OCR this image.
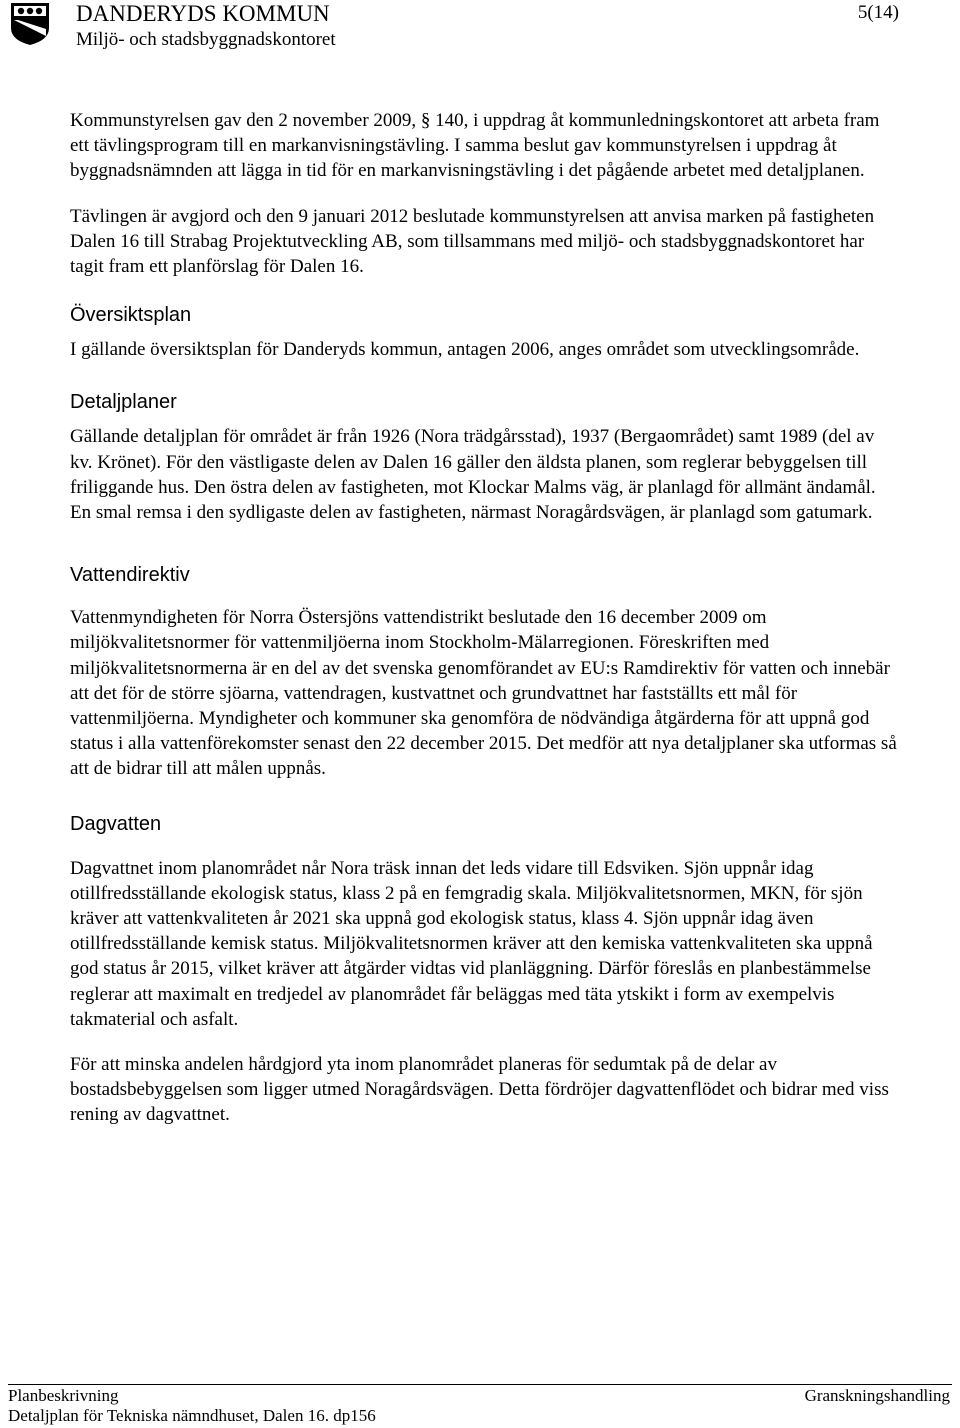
DANDERYDS KOMMUN
Miljö- och stadsbyggnadskontoret
5(14)

Kommunstyrelsen gav den 2 november 2009, § 140, i uppdrag åt kommunledningskontoret att arbeta fram ett tävlingsprogram till en markanvisningstävling. I samma beslut gav kommunstyrelsen i uppdrag åt byggnadsnämnden att lägga in tid för en markanvisningstävling i det pågående arbetet med detaljplanen.

Tävlingen är avgjord och den 9 januari 2012 beslutade kommunstyrelsen att anvisa marken på fastigheten Dalen 16 till Strabag Projektutveckling AB, som tillsammans med miljö- och stadsbyggnadskontoret har tagit fram ett planförslag för Dalen 16.

Översiktsplan

I gällande översiktsplan för Danderyds kommun, antagen 2006, anges området som utvecklingsområde.

Detaljplaner

Gällande detaljplan för området är från 1926 (Nora trädgårsstad), 1937 (Bergaområdet) samt 1989 (del av kv. Krönet). För den västligaste delen av Dalen 16 gäller den äldsta planen, som reglerar bebyggelsen till friliggande hus. Den östra delen av fastigheten, mot Klockar Malms väg, är planlagd för allmänt ändamål. En smal remsa i den sydligaste delen av fastigheten, närmast Noragårdsvägen, är planlagd som gatumark.

Vattendirektiv

Vattenmyndigheten för Norra Östersjöns vattendistrikt beslutade den 16 december 2009 om miljökvalitetsnormer för vattenmiljöerna inom Stockholm-Mälarregionen. Föreskriften med miljökvalitetsnormerna är en del av det svenska genomförandet av EU:s Ramdirektiv för vatten och innebär att det för de större sjöarna, vattendragen, kustvattnet och grundvattnet har fastställts ett mål för vattenmiljöerna. Myndigheter och kommuner ska genomföra de nödvändiga åtgärderna för att uppnå god status i alla vattenförekomster senast den 22 december 2015. Det medför att nya detaljplaner ska utformas så att de bidrar till att målen uppnås.

Dagvatten

Dagvattnet inom planområdet når Nora träsk innan det leds vidare till Edsviken. Sjön uppnår idag otillfredsställande ekologisk status, klass 2 på en femgradig skala. Miljökvalitetsnormen, MKN, för sjön kräver att vattenkvaliteten år 2021 ska uppnå god ekologisk status, klass 4. Sjön uppnår idag även otillfredsställande kemisk status. Miljökvalitetsnormen kräver att den kemiska vattenkvaliteten ska uppnå god status år 2015, vilket kräver att åtgärder vidtas vid planläggning. Därför föreslås en planbestämmelse reglerar att maximalt en tredjedel av planområdet får beläggas med täta ytskikt i form av exempelvis takmaterial och asfalt.

För att minska andelen hårdgjord yta inom planområdet planeras för sedumtak på de delar av bostadsbebyggelsen som ligger utmed Noragårdsvägen. Detta fördröjer dagvattenflödet och bidrar med viss rening av dagvattnet.

Planbeskrivning
Detaljplan för Tekniska nämndhuset, Dalen 16. dp156
Granskningshandling
